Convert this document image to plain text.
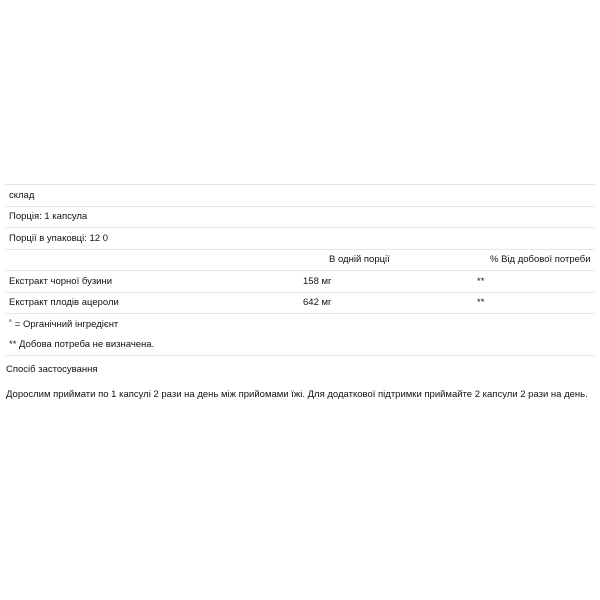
склад		
Порція: 1 капсула		
Порції в упаковці: 12 0		
	В одній порції	% Від добової потреби
Екстракт чорної бузини	158 мг	**
Екстракт плодів ацероли	642 мг	**
˚ = Органічний інгредієнт		
** Добова потреба не визначена.		
Спосіб застосування
Дорослим приймати по 1 капсулі 2 рази на день між прийомами їжі. Для додаткової підтримки приймайте 2 капсули 2 рази на день.
